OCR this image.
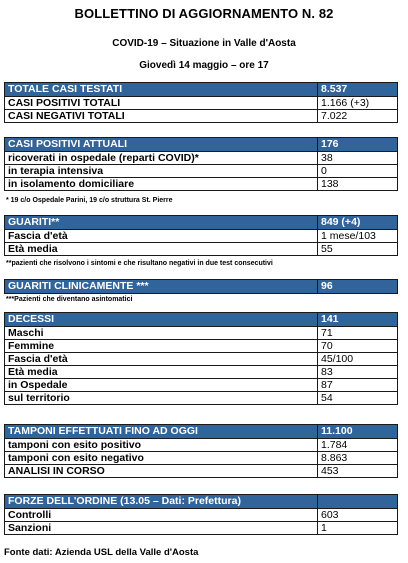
BOLLETTINO DI AGGIORNAMENTO N. 82
COVID-19 – Situazione in Valle d'Aosta
Giovedì 14 maggio – ore 17
TOTALE CASI TESTATI	8.537
CASI POSITIVI TOTALI	1.166 (+3)
CASI NEGATIVI TOTALI	7.022
CASI POSITIVI ATTUALI	176
ricoverati in ospedale (reparti COVID)*	38
in terapia intensiva	0
in isolamento domiciliare	138
* 19 c/o Ospedale Parini, 19 c/o struttura St. Pierre
GUARITI**	849 (+4)
Fascia d'età	1 mese/103
Età media	55
**pazienti che risolvono i sintomi e che risultano negativi in due test consecutivi
GUARITI CLINICAMENTE ***	96
***Pazienti che diventano asintomatici
DECESSI	141
Maschi	71
Femmine	70
Fascia d'età	45/100
Età media	83
in Ospedale	87
sul territorio	54
TAMPONI EFFETTUATI FINO AD OGGI	11.100
tamponi con esito positivo	1.784
tamponi con esito negativo	8.863
ANALISI IN CORSO	453
FORZE DELL'ORDINE (13.05 – Dati: Prefettura)	
Controlli	603
Sanzioni	1
Fonte dati: Azienda USL della Valle d'Aosta
